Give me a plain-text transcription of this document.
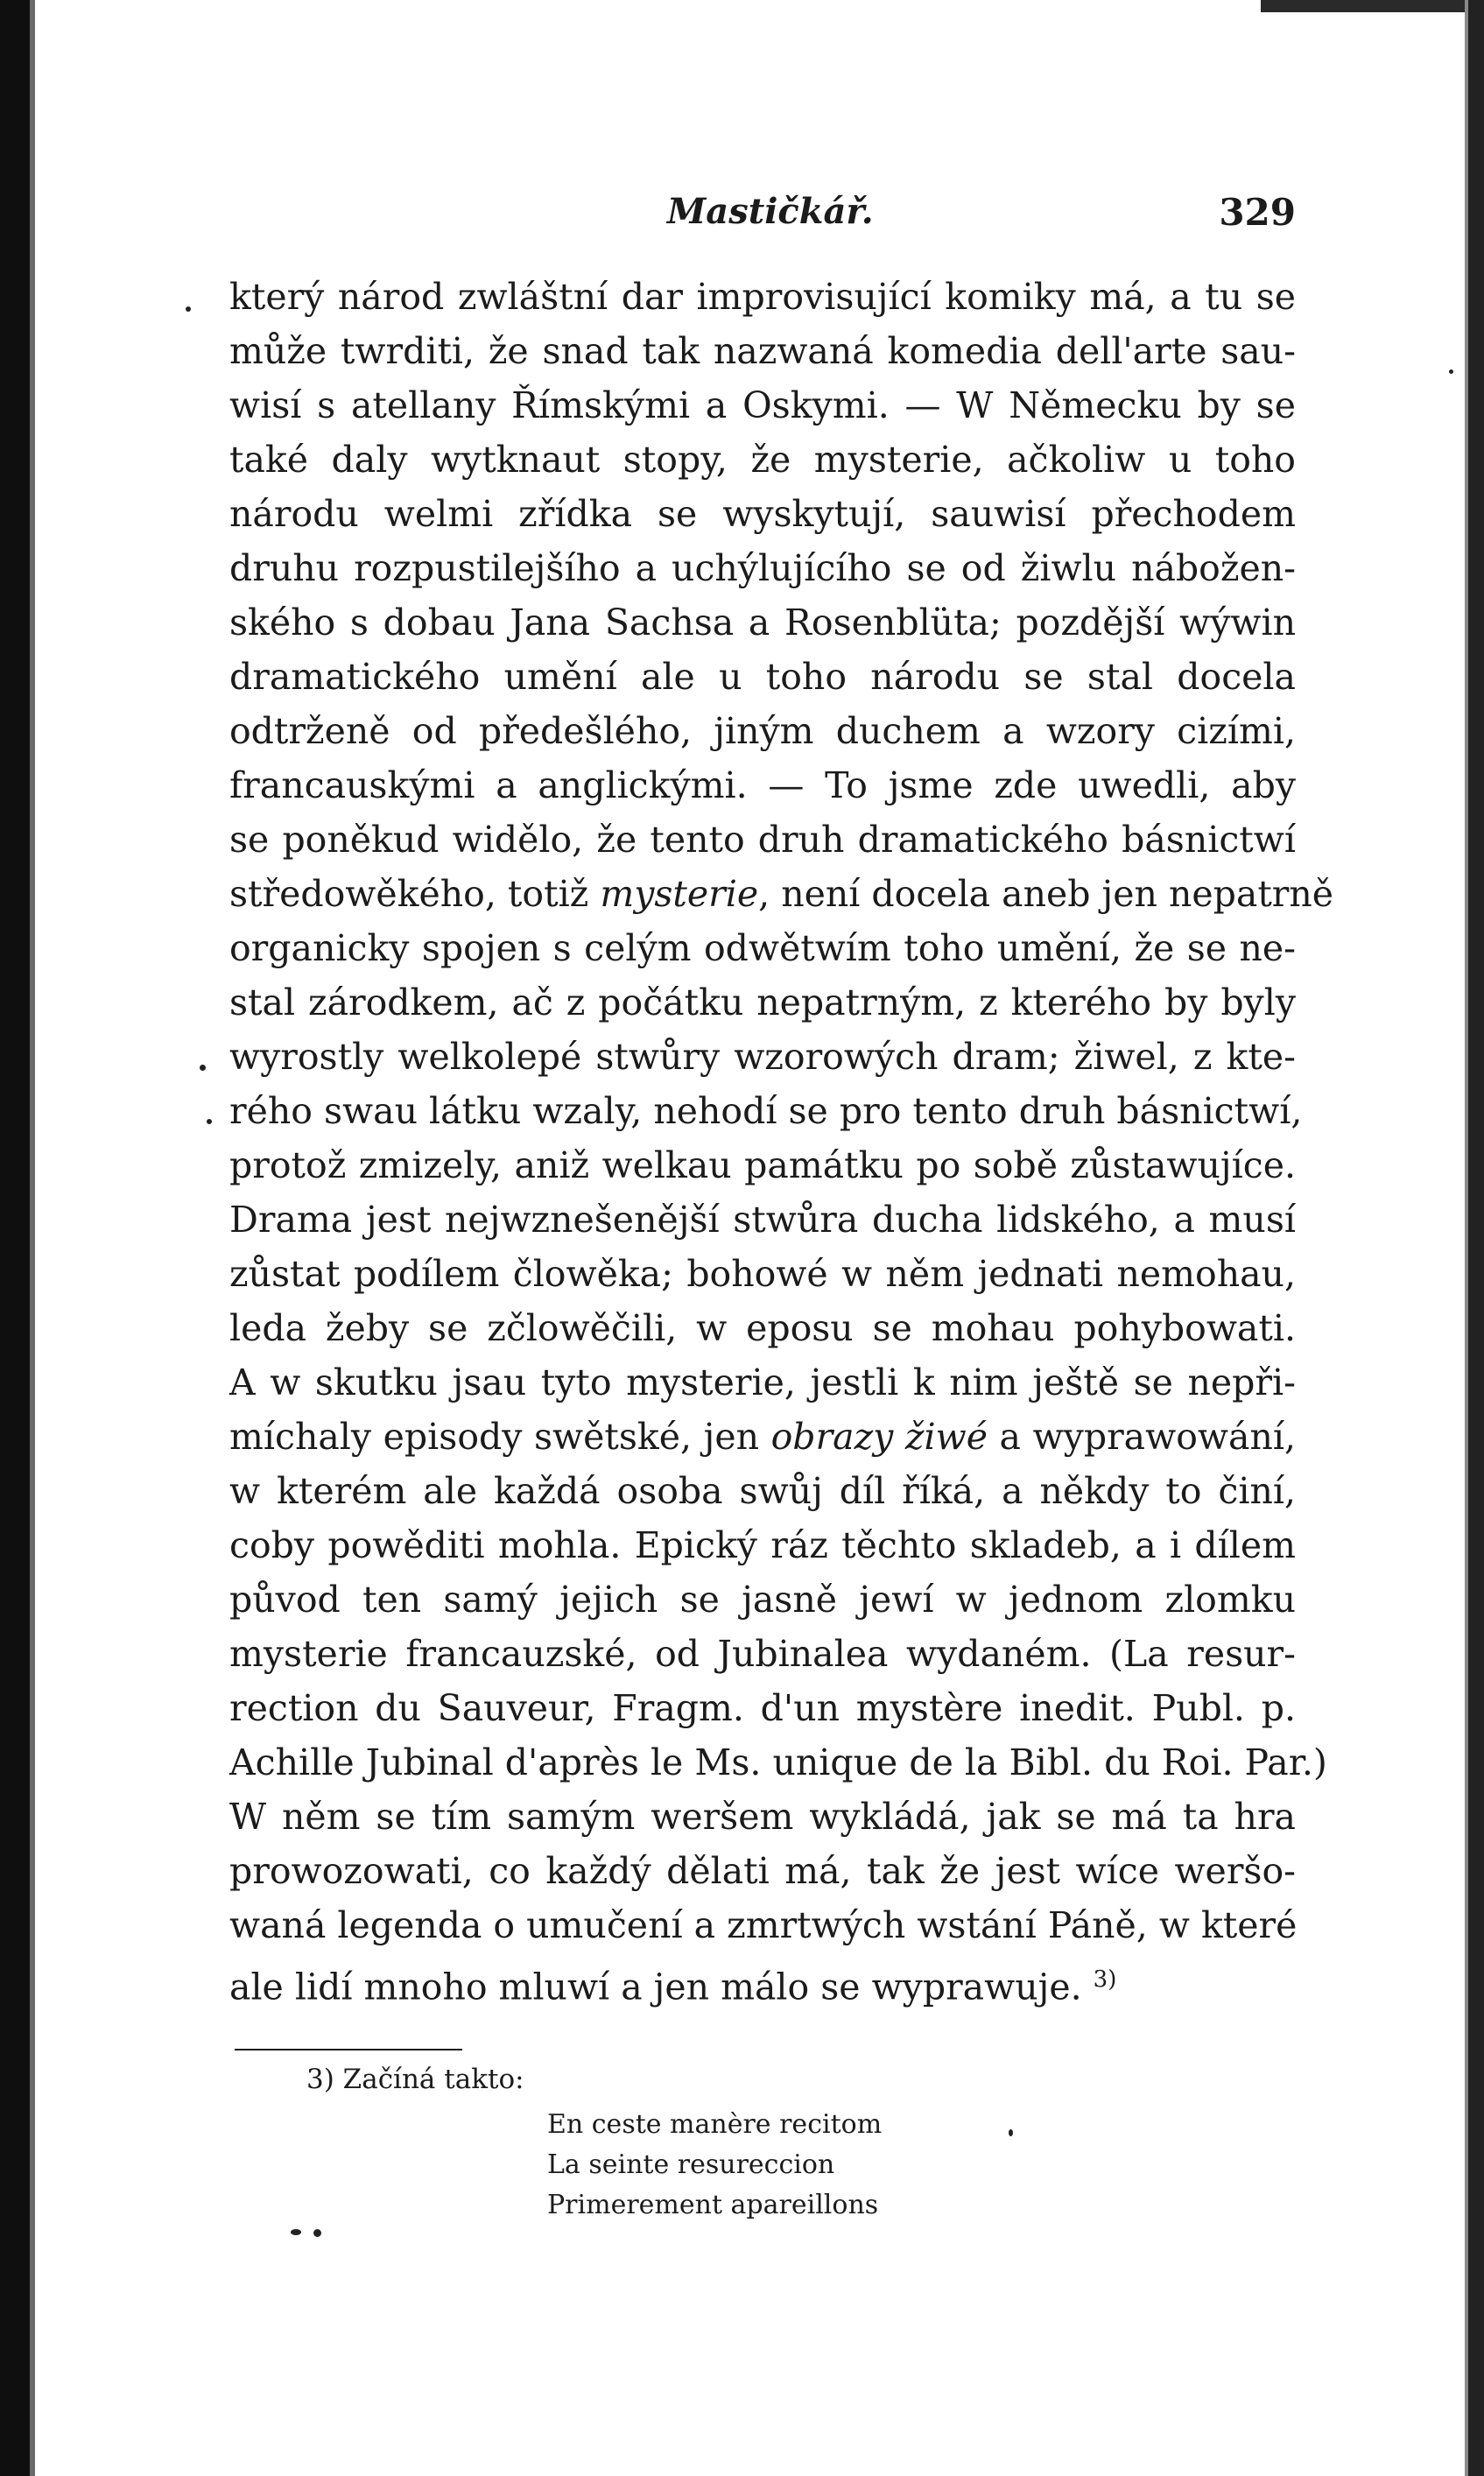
Mastičkář.	329
který národ zwláštní dar improvisující komiky má, a tu se
může twrditi, že snad tak nazwaná komedia dell'arte sau-
wisí s atellany Římskými a Oskymi. — W Německu by se
také daly wytknaut stopy, že mysterie, ačkoliw u toho
národu welmi zřídka se wyskytují, sauwisí přechodem
druhu rozpustilejšího a uchýlujícího se od žiwlu nábožen-
ského s dobau Jana Sachsa a Rosenblüta; pozdější wýwin
dramatického umění ale u toho národu se stal docela
odtrženě od předešlého, jiným duchem a wzory cizími,
francauskými a anglickými. — To jsme zde uwedli, aby
se poněkud widělo, že tento druh dramatického básnictwí
středowěkého, totiž mysterie, není docela aneb jen nepatrně
organicky spojen s celým odwětwím toho umění, že se ne-
stal zárodkem, ač z počátku nepatrným, z kterého by byly
wyrostly welkolepé stwůry wzorowých dram; žiwel, z kte-
rého swau látku wzaly, nehodí se pro tento druh básnictwí,
protož zmizely, aniž welkau památku po sobě zůstawujíce.
Drama jest nejwznešenější stwůra ducha lidského, a musí
zůstat podílem člowěka; bohowé w něm jednati nemohau,
leda žeby se zčlowěčili, w eposu se mohau pohybowati.
A w skutku jsau tyto mysterie, jestli k nim ještě se nepři-
míchaly episody swětské, jen obrazy žiwé a wyprawowání,
w kterém ale každá osoba swůj díl říká, a někdy to činí,
coby powěditi mohla. Epický ráz těchto skladeb, a i dílem
původ ten samý jejich se jasně jewí w jednom zlomku
mysterie francauzské, od Jubinalea wydaném. (La resur-
rection du Sauveur, Fragm. d'un mystère inedit. Publ. p.
Achille Jubinal d'après le Ms. unique de la Bibl. du Roi. Par.)
W něm se tím samým weršem wykládá, jak se má ta hra
prowozowati, co každý dělati má, tak že jest wíce weršo-
waná legenda o umučení a zmrtwých wstání Páně, w které
ale lidí mnoho mluwí a jen málo se wyprawuje. $^{3)}$
3) Začíná takto:
En ceste manère recitom
La seinte resureccion
Primerement apareillons
